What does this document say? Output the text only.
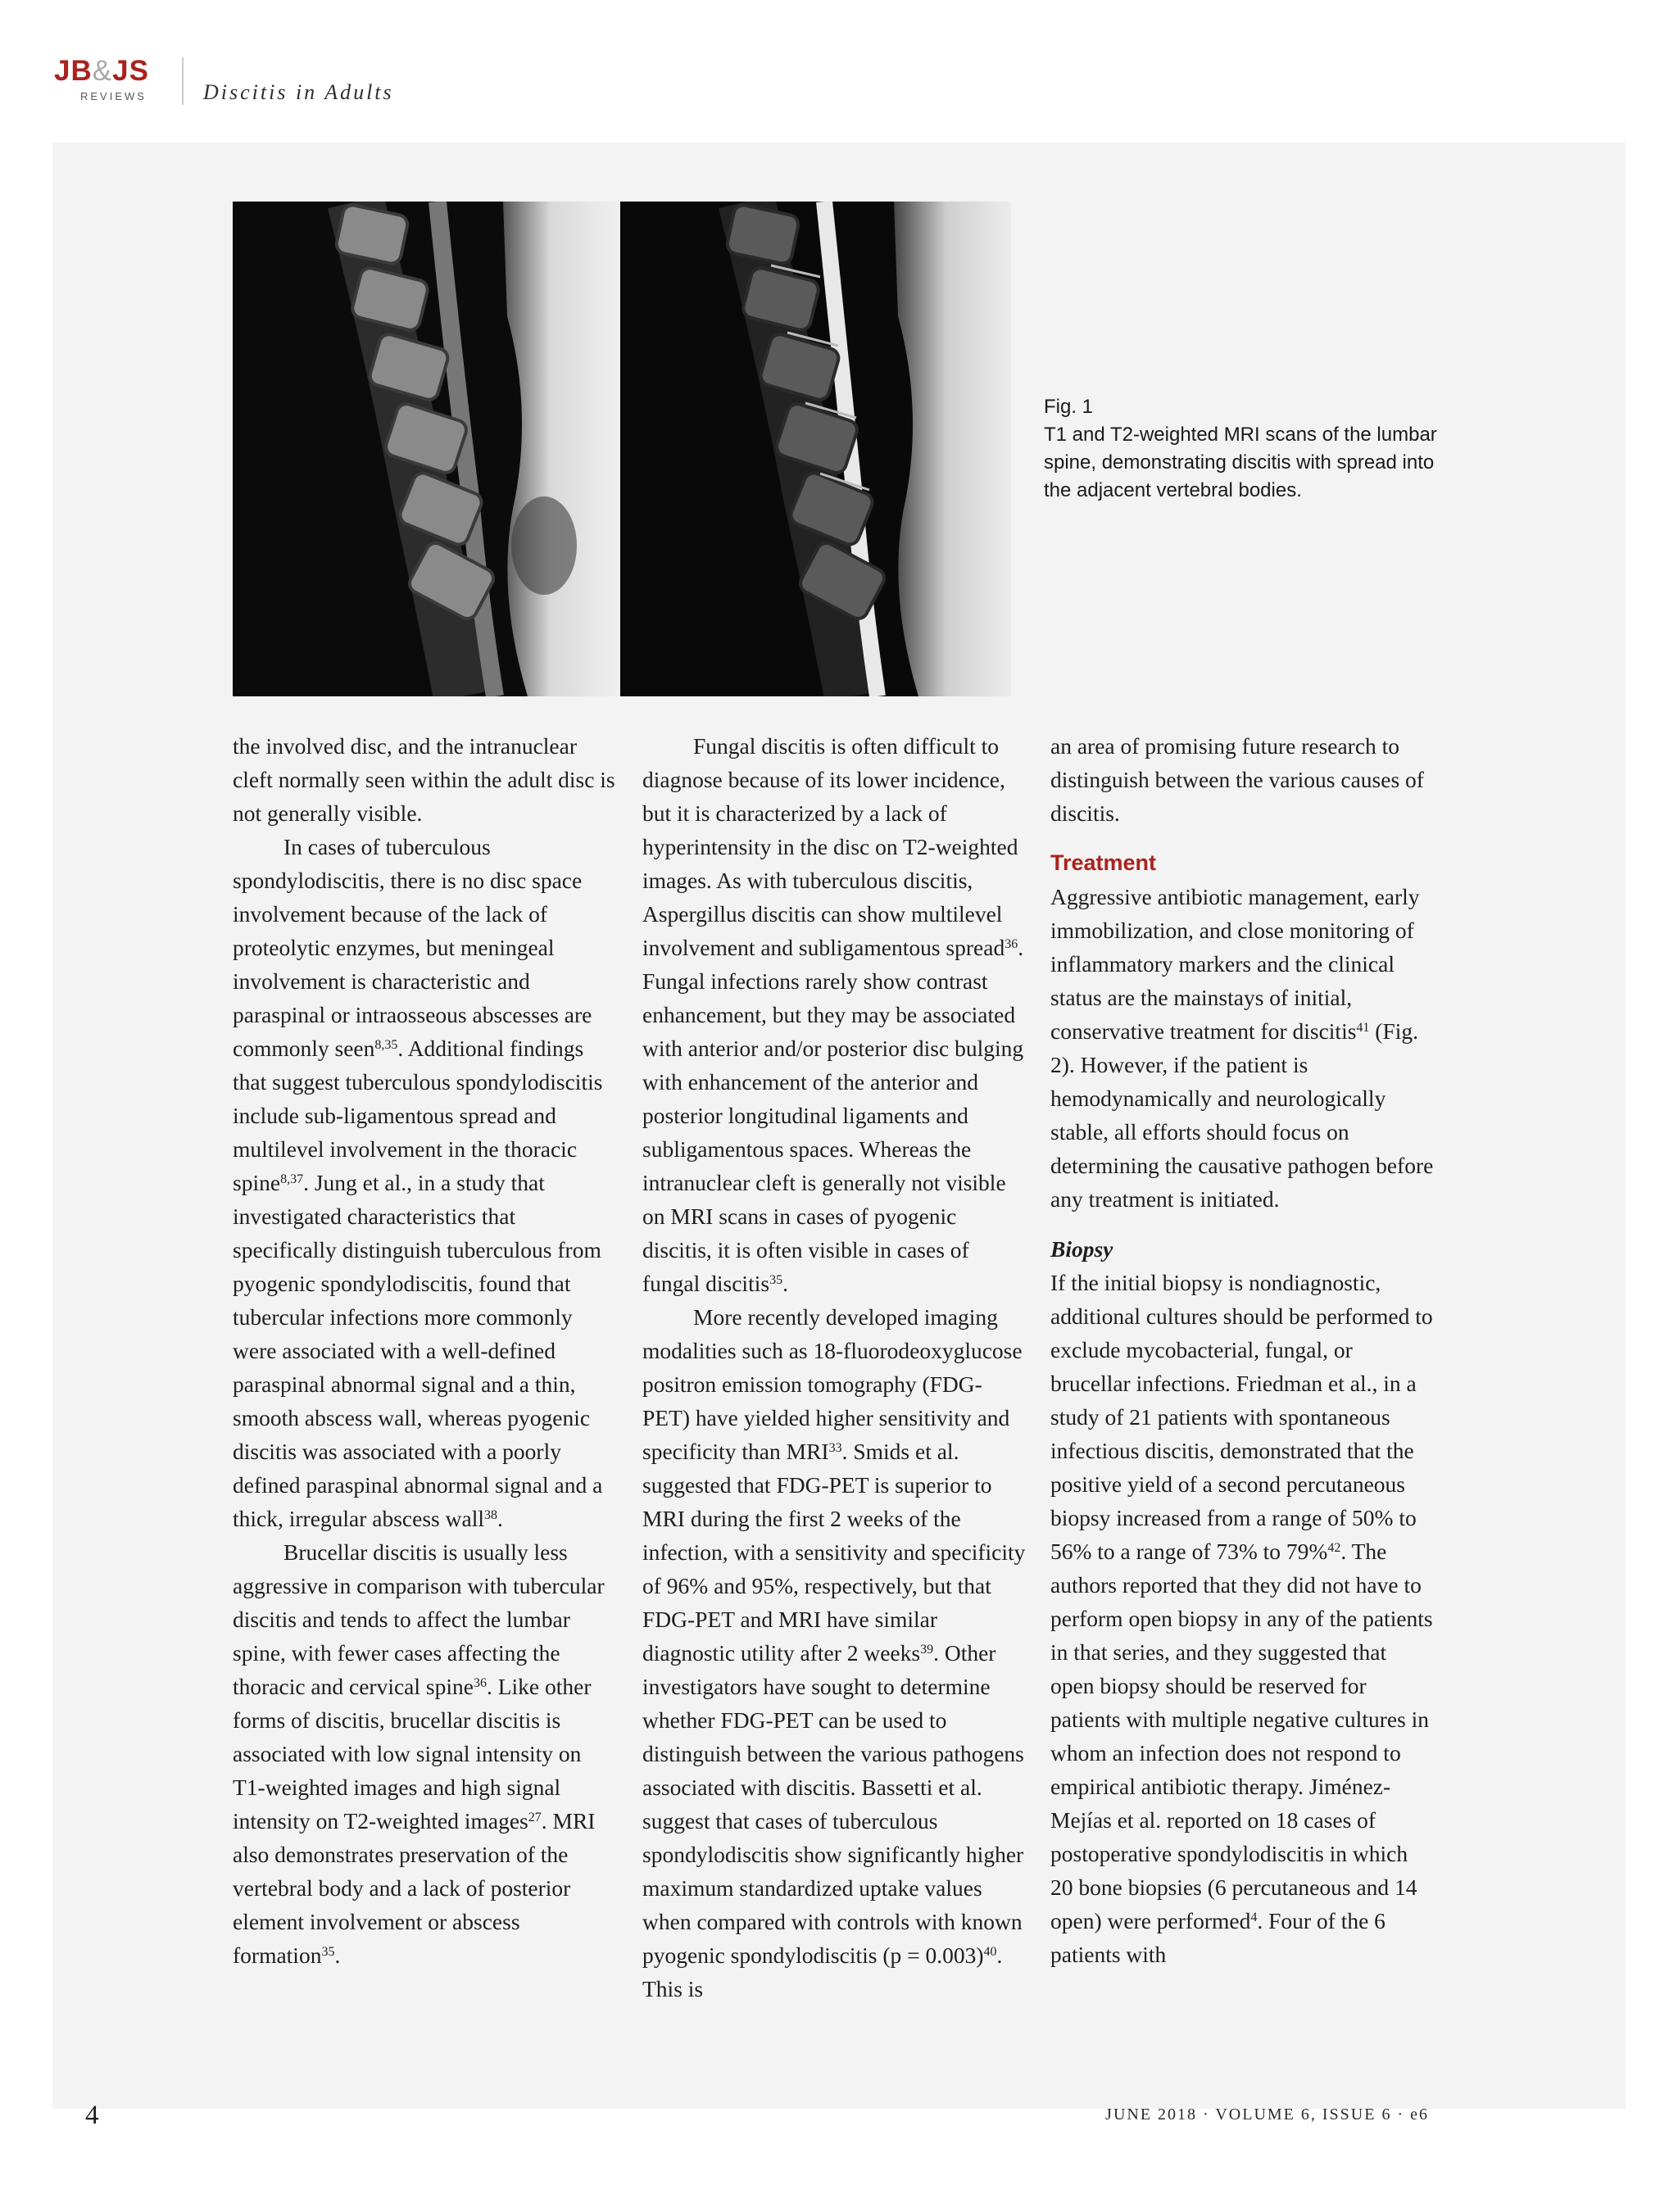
JB&JS
REVIEWS	Discitis in Adults
Fig. 1
T1 and T2-weighted MRI scans of the lumbar spine, demonstrating discitis with spread into the adjacent vertebral bodies.

the involved disc, and the intranuclear cleft normally seen within the adult disc is not generally visible.

In cases of tuberculous spondylodiscitis, there is no disc space involvement because of the lack of proteolytic enzymes, but meningeal involvement is characteristic and paraspinal or intraosseous abscesses are commonly seen$^{8,35}$. Additional findings that suggest tuberculous spondylodiscitis include sub-ligamentous spread and multilevel involvement in the thoracic spine$^{8,37}$. Jung et al., in a study that investigated characteristics that specifically distinguish tuberculous from pyogenic spondylodiscitis, found that tubercular infections more commonly were associated with a well-defined paraspinal abnormal signal and a thin, smooth abscess wall, whereas pyogenic discitis was associated with a poorly defined paraspinal abnormal signal and a thick, irregular abscess wall$^{38}$.

Brucellar discitis is usually less aggressive in comparison with tubercular discitis and tends to affect the lumbar spine, with fewer cases affecting the thoracic and cervical spine$^{36}$. Like other forms of discitis, brucellar discitis is associated with low signal intensity on T1-weighted images and high signal intensity on T2-weighted images$^{27}$. MRI also demonstrates preservation of the vertebral body and a lack of posterior element involvement or abscess formation$^{35}$.

Fungal discitis is often difficult to diagnose because of its lower incidence, but it is characterized by a lack of hyperintensity in the disc on T2-weighted images. As with tuberculous discitis, Aspergillus discitis can show multilevel involvement and subligamentous spread$^{36}$. Fungal infections rarely show contrast enhancement, but they may be associated with anterior and/or posterior disc bulging with enhancement of the anterior and posterior longitudinal ligaments and subligamentous spaces. Whereas the intranuclear cleft is generally not visible on MRI scans in cases of pyogenic discitis, it is often visible in cases of fungal discitis$^{35}$.

More recently developed imaging modalities such as 18-fluorodeoxyglucose positron emission tomography (FDG-PET) have yielded higher sensitivity and specificity than MRI$^{33}$. Smids et al. suggested that FDG-PET is superior to MRI during the first 2 weeks of the infection, with a sensitivity and specificity of 96% and 95%, respectively, but that FDG-PET and MRI have similar diagnostic utility after 2 weeks$^{39}$. Other investigators have sought to determine whether FDG-PET can be used to distinguish between the various pathogens associated with discitis. Bassetti et al. suggest that cases of tuberculous spondylodiscitis show significantly higher maximum standardized uptake values when compared with controls with known pyogenic spondylodiscitis (p = 0.003)$^{40}$. This is

an area of promising future research to distinguish between the various causes of discitis.

Treatment

Aggressive antibiotic management, early immobilization, and close monitoring of inflammatory markers and the clinical status are the mainstays of initial, conservative treatment for discitis$^{41}$ (Fig. 2). However, if the patient is hemodynamically and neurologically stable, all efforts should focus on determining the causative pathogen before any treatment is initiated.

Biopsy

If the initial biopsy is nondiagnostic, additional cultures should be performed to exclude mycobacterial, fungal, or brucellar infections. Friedman et al., in a study of 21 patients with spontaneous infectious discitis, demonstrated that the positive yield of a second percutaneous biopsy increased from a range of 50% to 56% to a range of 73% to 79%$^{42}$. The authors reported that they did not have to perform open biopsy in any of the patients in that series, and they suggested that open biopsy should be reserved for patients with multiple negative cultures in whom an infection does not respond to empirical antibiotic therapy. Jiménez-Mejías et al. reported on 18 cases of postoperative spondylodiscitis in which 20 bone biopsies (6 percutaneous and 14 open) were performed$^4$. Four of the 6 patients with

4	JUNE 2018 · VOLUME 6, ISSUE 6 · e6
